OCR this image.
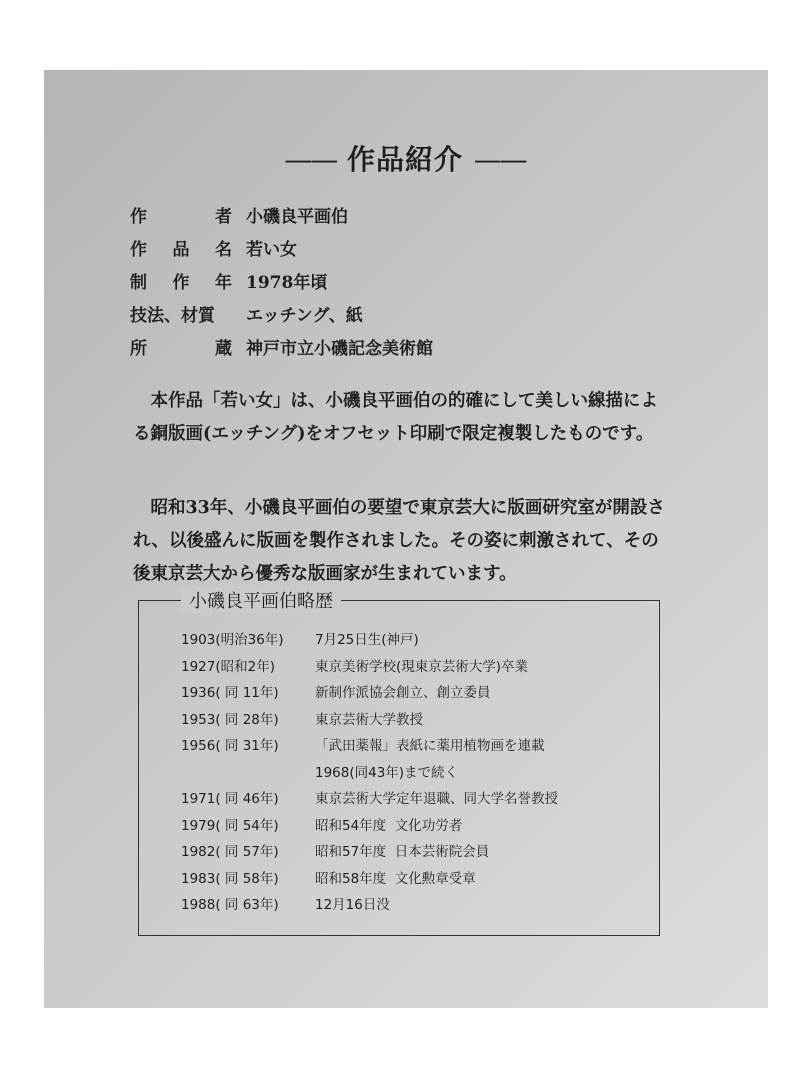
—— 作品紹介 ——
作	者 小磯良平画伯
作 品 名 若い女
制 作 年 1978年頃
技法、材質 エッチング、紙
所	蔵 神戸市立小磯記念美術館

本作品「若い女」は、小磯良平画伯の的確にして美しい線描による銅版画(エッチング)をオフセット印刷で限定複製したものです。

昭和33年、小磯良平画伯の要望で東京芸大に版画研究室が開設され、以後盛んに版画を製作されました。その姿に刺激されて、その後東京芸大から優秀な版画家が生まれています。

小磯良平画伯略歴
1903(明治36年)	7月25日生(神戸)
1927(昭和2年)	東京美術学校(現東京芸術大学)卒業
1936( 同 11年)	新制作派協会創立、創立委員
1953( 同 28年)	東京芸術大学教授
1956( 同 31年)	「武田薬報」表紙に薬用植物画を連載
1968(同43年)まで続く
1971( 同 46年)	東京芸術大学定年退職、同大学名誉教授
1979( 同 54年)	昭和54年度  文化功労者
1982( 同 57年)	昭和57年度  日本芸術院会員
1983( 同 58年)	昭和58年度  文化勲章受章
1988( 同 63年)	12月16日没
